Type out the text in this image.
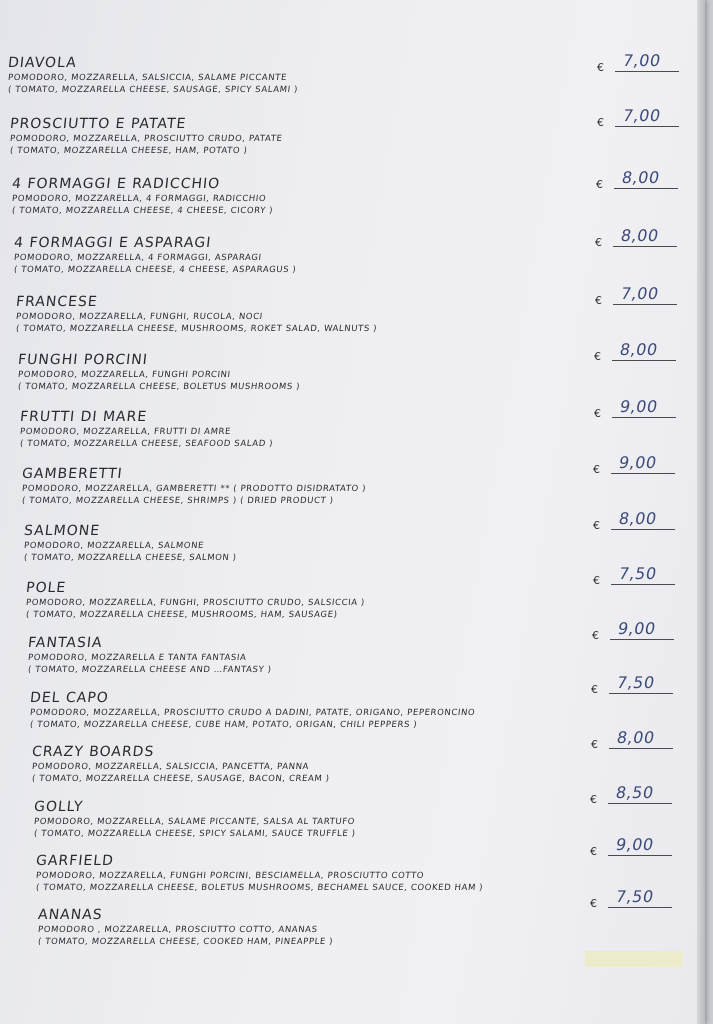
DIAVOLA
POMODORO, MOZZARELLA, SALSICCIA, SALAME PICCANTE
( TOMATO, MOZZARELLA CHEESE, SAUSAGE, SPICY SALAMI )
€ 7,00
PROSCIUTTO E PATATE
POMODORO, MOZZARELLA, PROSCIUTTO CRUDO, PATATE
( TOMATO, MOZZARELLA CHEESE, HAM, POTATO )
€ 7,00
4 FORMAGGI E RADICCHIO
POMODORO, MOZZARELLA, 4 FORMAGGI, RADICCHIO
( TOMATO, MOZZARELLA CHEESE, 4 CHEESE, CICORY )
€ 8,00
4 FORMAGGI E ASPARAGI
POMODORO, MOZZARELLA, 4 FORMAGGI, ASPARAGI
( TOMATO, MOZZARELLA CHEESE, 4 CHEESE, ASPARAGUS )
€ 8,00
FRANCESE
POMODORO, MOZZARELLA, FUNGHI, RUCOLA, NOCI
( TOMATO, MOZZARELLA CHEESE, MUSHROOMS, ROKET SALAD, WALNUTS )
€ 7,00
FUNGHI PORCINI
POMODORO, MOZZARELLA, FUNGHI PORCINI
( TOMATO, MOZZARELLA CHEESE, BOLETUS MUSHROOMS )
€ 8,00
FRUTTI DI MARE
POMODORO, MOZZARELLA, FRUTTI DI AMRE
( TOMATO, MOZZARELLA CHEESE, SEAFOOD SALAD )
€ 9,00
GAMBERETTI
POMODORO, MOZZARELLA, GAMBERETTI ** ( PRODOTTO DISIDRATATO )
( TOMATO, MOZZARELLA CHEESE, SHRIMPS ) ( DRIED PRODUCT )
€ 9,00
SALMONE
POMODORO, MOZZARELLA, SALMONE
( TOMATO, MOZZARELLA CHEESE, SALMON )
€ 8,00
POLE
POMODORO, MOZZARELLA, FUNGHI, PROSCIUTTO CRUDO, SALSICCIA )
( TOMATO, MOZZARELLA CHEESE, MUSHROOMS, HAM, SAUSAGE)
€ 7,50
FANTASIA
POMODORO, MOZZARELLA E TANTA FANTASIA
( TOMATO, MOZZARELLA CHEESE AND …FANTASY )
€ 9,00
DEL CAPO
POMODORO, MOZZARELLA, PROSCIUTTO CRUDO A DADINI, PATATE, ORIGANO, PEPERONCINO
( TOMATO, MOZZARELLA CHEESE, CUBE HAM, POTATO, ORIGAN, CHILI PEPPERS )
€ 7,50
CRAZY BOARDS
POMODORO, MOZZARELLA, SALSICCIA, PANCETTA, PANNA
( TOMATO, MOZZARELLA CHEESE, SAUSAGE, BACON, CREAM )
€ 8,00
GOLLY
POMODORO, MOZZARELLA, SALAME PICCANTE, SALSA AL TARTUFO
( TOMATO, MOZZARELLA CHEESE, SPICY SALAMI, SAUCE TRUFFLE )
€ 8,50
GARFIELD
POMODORO, MOZZARELLA, FUNGHI PORCINI, BESCIAMELLA, PROSCIUTTO COTTO
( TOMATO, MOZZARELLA CHEESE, BOLETUS MUSHROOMS, BECHAMEL SAUCE, COOKED HAM )
€ 9,00
ANANAS
POMODORO , MOZZARELLA, PROSCIUTTO COTTO, ANANAS
( TOMATO, MOZZARELLA CHEESE, COOKED HAM, PINEAPPLE )
€ 7,50
